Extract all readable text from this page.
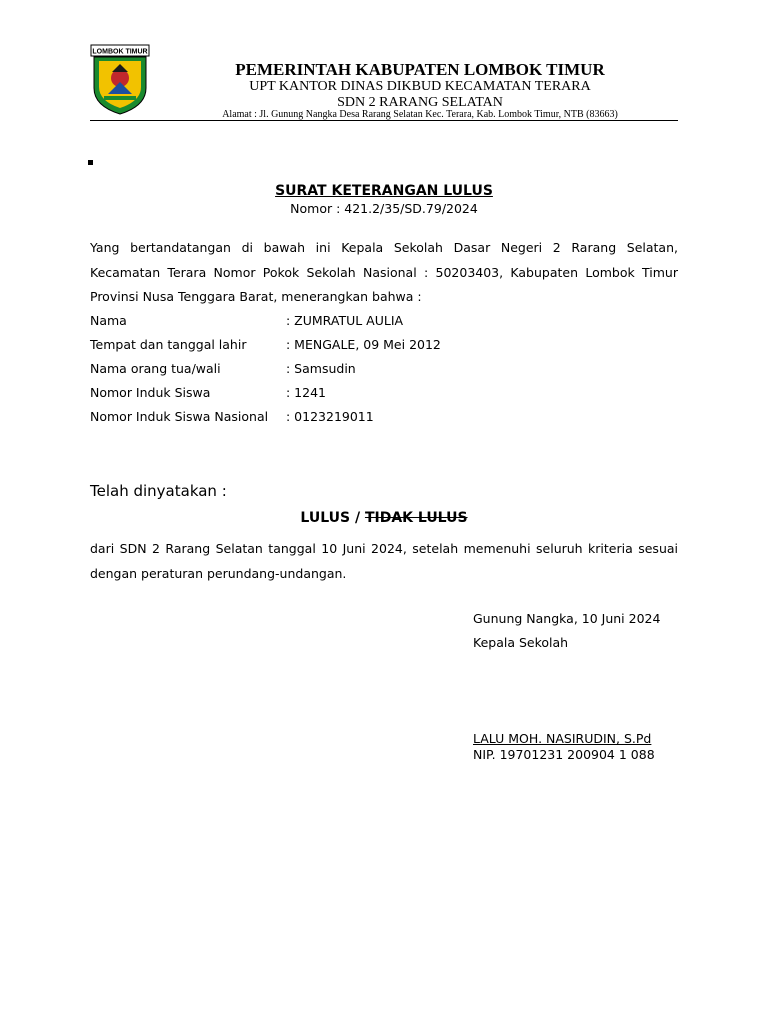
LOMBOK TIMUR
PEMERINTAH KABUPATEN LOMBOK TIMUR
UPT KANTOR DINAS DIKBUD KECAMATAN TERARA
SDN 2 RARANG SELATAN
Alamat : Jl. Gunung Nangka Desa Rarang Selatan Kec. Terara, Kab. Lombok Timur, NTB (83663)
SURAT KETERANGAN LULUS
Nomor : 421.2/35/SD.79/2024
Yang bertandatangan di bawah ini Kepala Sekolah Dasar Negeri 2 Rarang Selatan, Kecamatan Terara Nomor Pokok Sekolah Nasional : 50203403, Kabupaten Lombok Timur Provinsi Nusa Tenggara Barat, menerangkan bahwa :
Nama	: ZUMRATUL AULIA
Tempat dan tanggal lahir	: MENGALE, 09 Mei 2012
Nama orang tua/wali	: Samsudin
Nomor Induk Siswa	: 1241
Nomor Induk Siswa Nasional : 0123219011
Telah dinyatakan :
LULUS / TIDAK LULUS
dari SDN 2 Rarang Selatan tanggal 10 Juni 2024, setelah memenuhi seluruh kriteria sesuai dengan peraturan perundang-undangan.
Gunung Nangka, 10 Juni 2024
Kepala Sekolah
LALU MOH. NASIRUDIN, S.Pd
NIP. 19701231 200904 1 088
